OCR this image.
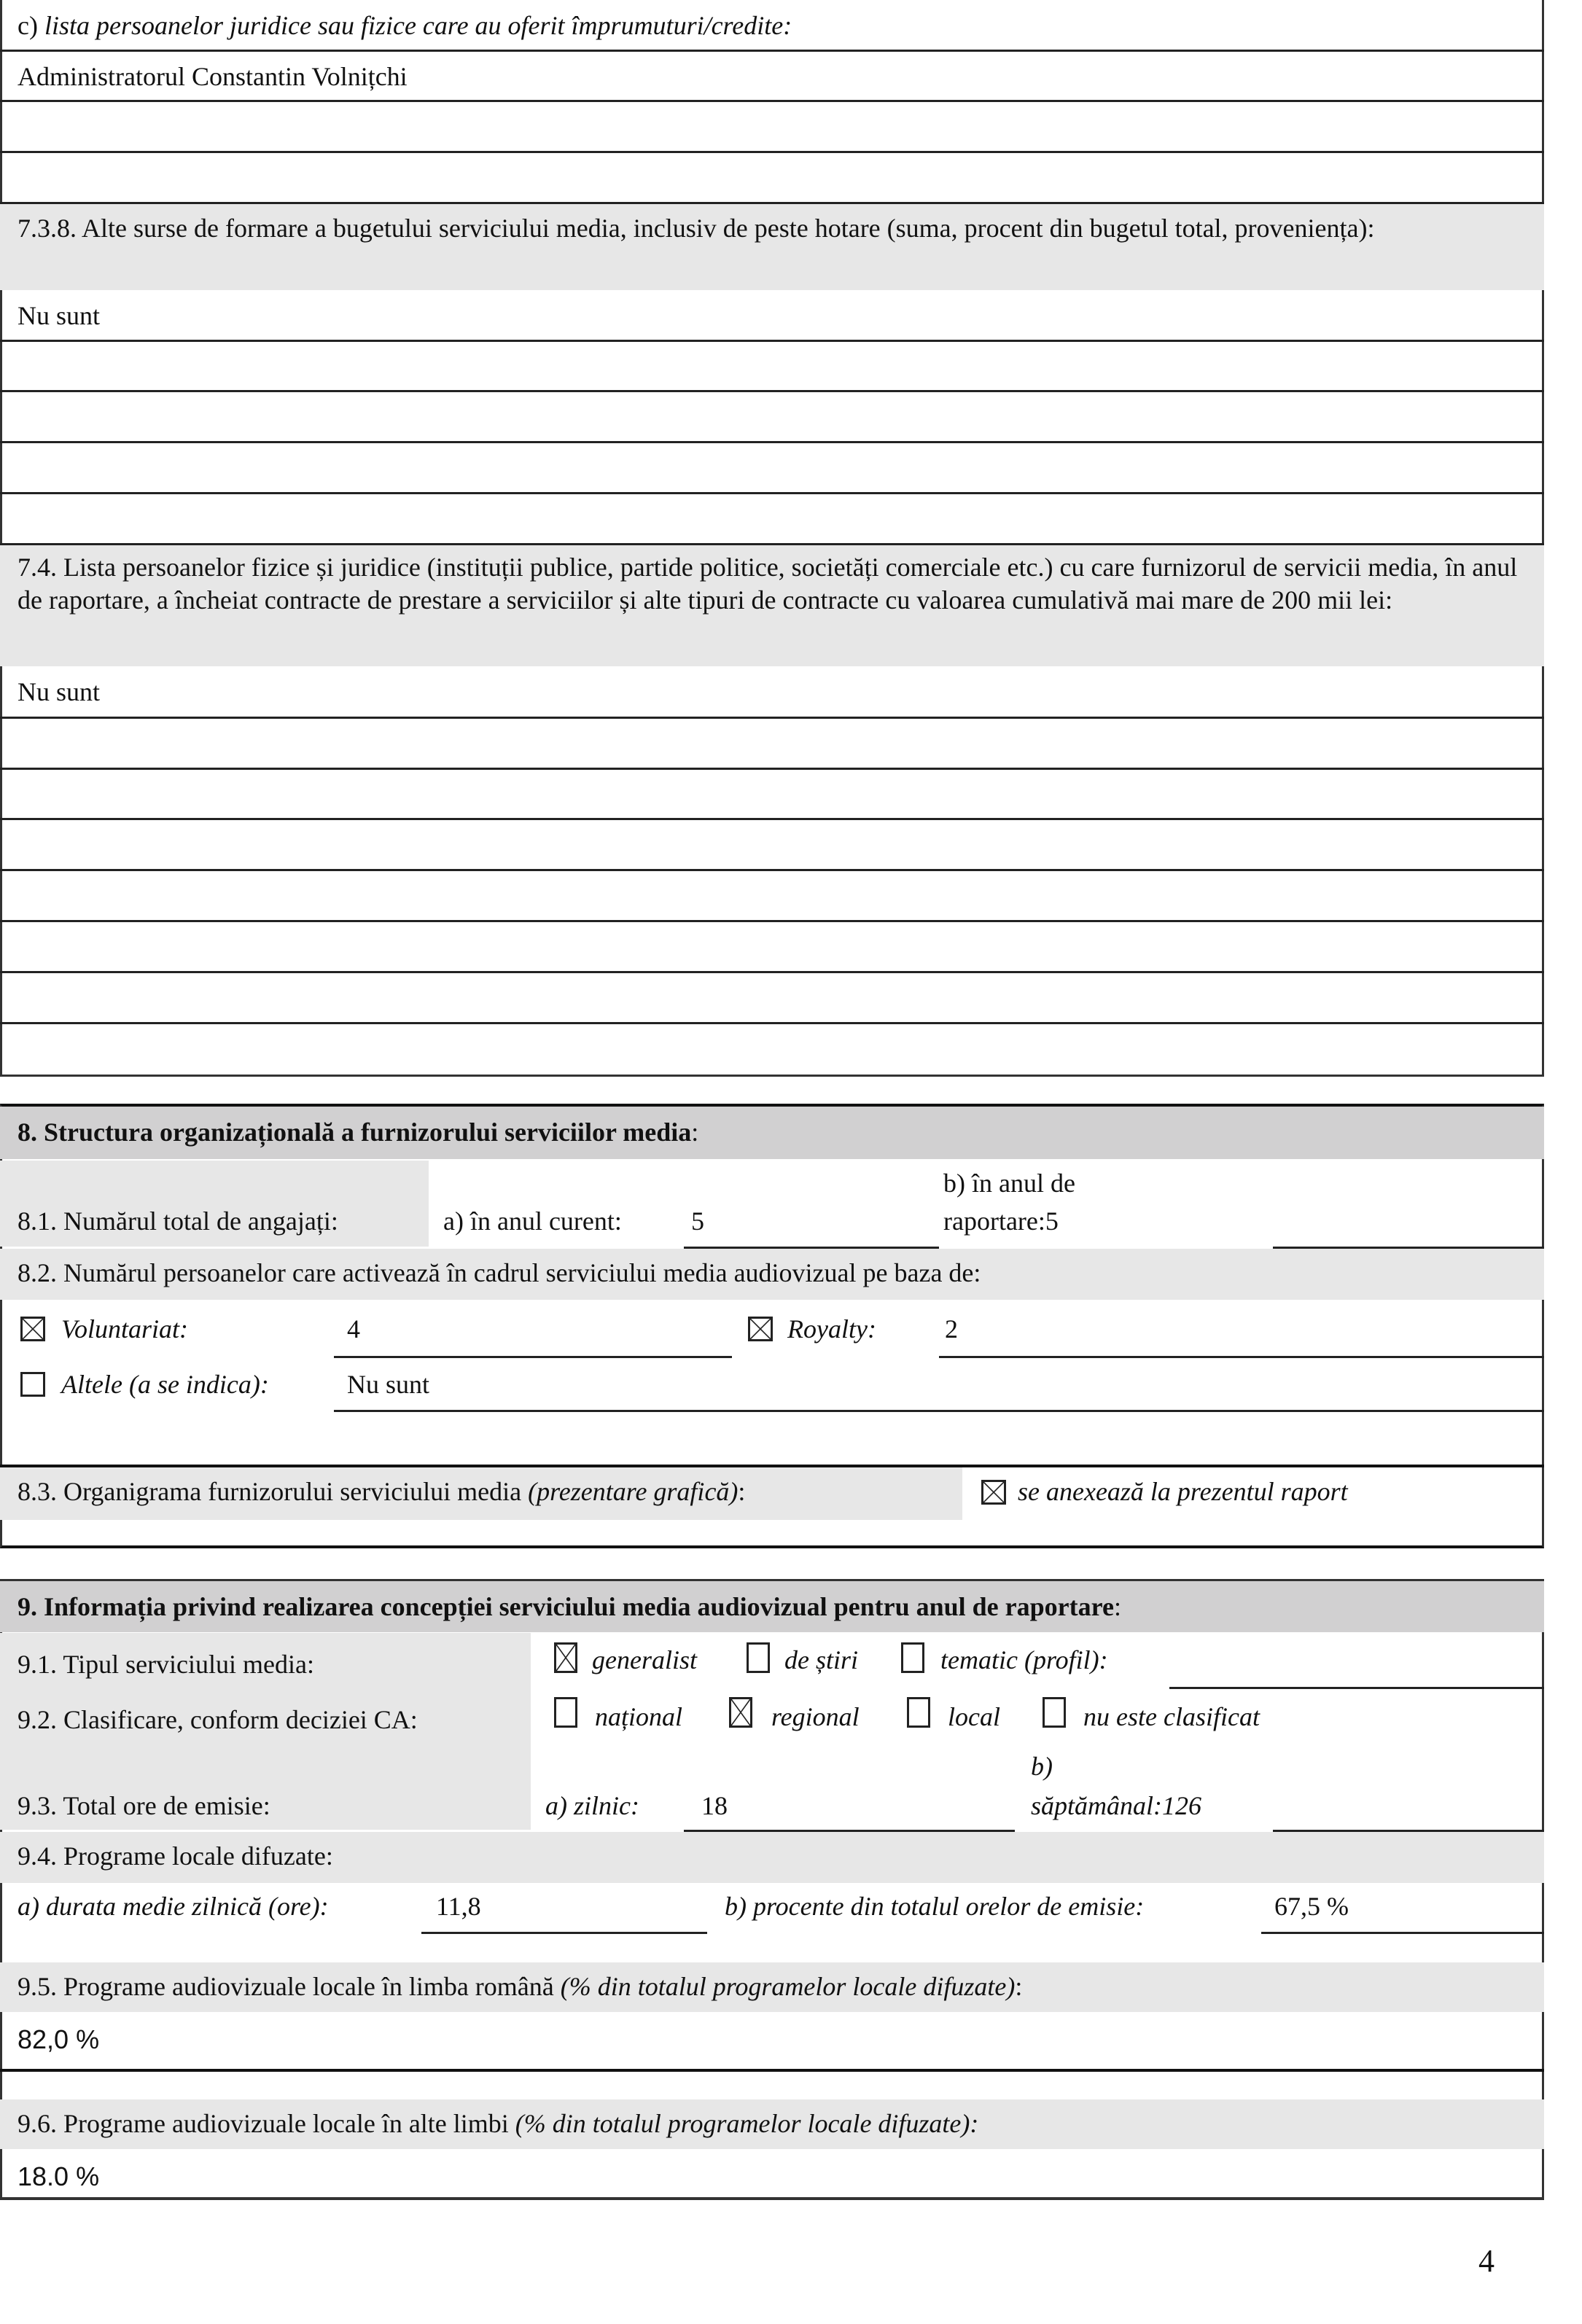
c) lista persoanelor juridice sau fizice care au oferit împrumuturi/credite:
Administratorul Constantin Volnițchi
7.3.8. Alte surse de formare a bugetului serviciului media, inclusiv de peste hotare (suma, procent din bugetul total, proveniența):
Nu sunt
7.4. Lista persoanelor fizice și juridice (instituții publice, partide politice, societăți comerciale etc.) cu care furnizorul de servicii media, în anul de raportare, a încheiat contracte de prestare a serviciilor și alte tipuri de contracte cu valoarea cumulativă mai mare de 200 mii lei:
Nu sunt
8. Structura organizațională a furnizorului serviciilor media:
8.1. Numărul total de angajați:	a) în anul curent:	5
b) în anul de
raportare:5
8.2. Numărul persoanelor care activează în cadrul serviciului media audiovizual pe baza de:
Voluntariat:	4	Royalty:	2
Altele (a se indica):	Nu sunt
8.3. Organigrama furnizorului serviciului media (prezentare grafică):	se anexează la prezentul raport
9. Informația privind realizarea concepției serviciului media audiovizual pentru anul de raportare:
9.1. Tipul serviciului media:	generalist	de știri	tematic (profil):
9.2. Clasificare, conform deciziei CA:	național	regional	local	nu este clasificat
9.3. Total ore de emisie:	a) zilnic: 18
b)
săptămânal:126
9.4. Programe locale difuzate:
a) durata medie zilnică (ore):	11,8	b) procente din totalul orelor de emisie:	67,5 %
9.5. Programe audiovizuale locale în limba română (% din totalul programelor locale difuzate):
82,0 %
9.6. Programe audiovizuale locale în alte limbi (% din totalul programelor locale difuzate):
18.0 %
4
